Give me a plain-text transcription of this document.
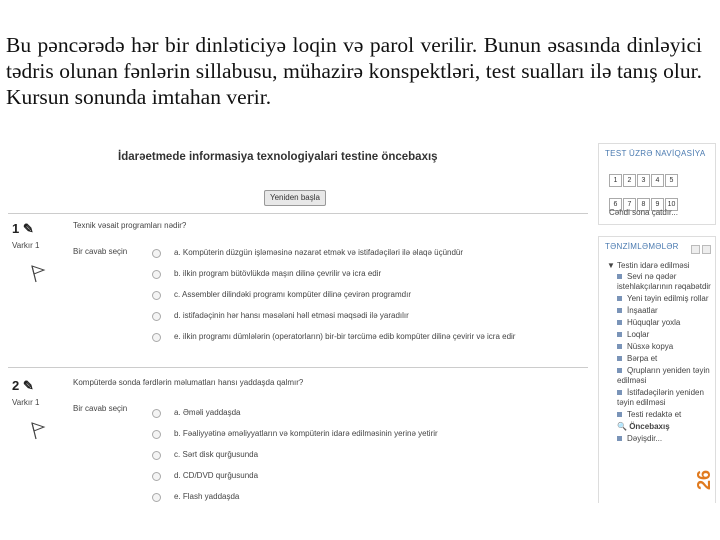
Bu pəncərədə hər bir dinləticiyə loqin və parol verilir. Bunun əsasında dinləyici tədris olunan fənlərin sillabusu, mühazirə konspektləri, test sualları ilə tanış olur. Kursun sonunda imtahan verir.
İdarəetmede informasiya texnologiyalari testine öncebaxış
Yeniden başla
1 ✎
Varkır 1
Texnik vəsait programları nədir?
Bir cavab seçin	a. Kompüterin düzgün işləməsinə nəzarət etmək və istifadəçiləri ilə əlaqə üçündür
b. ilkin program bütövlükdə maşın dilinə çevrilir və icra edir
c. Assembler dilindəki programı kompüter dilinə çevirən programdır
d. istifadəçinin hər hansı məsələni həll etməsi məqsədi ilə yaradılır
e. ilkin programı dümlələrin (operatorların) bir-bir tərcümə edib kompüter dilinə çevirir və icra edir
2 ✎
Varkır 1
Kompüterdə sonda fərdlərin məlumatları hansı yaddaşda qalmır?
Bir cavab seçin	a. Əməli yaddaşda
b. Fəaliyyətinə əməliyyatların və kompüterin idarə edilməsinin yerinə yetirir
c. Sərt disk qurğusunda
d. CD/DVD qurğusunda
e. Flash yaddaşda
TEST ÜZRƏ NAVİQASİYA
1 2 3 4 5
6 7 8 9 10
Cəhdi sona çatdır...
TƏNZİMLƏMƏLƏR
▼ Testin idarə edilməsi
Sevi nə qədər istehlakçılarının rəqabətdir
Yeni təyin edilmiş rollar
İnşaatlar
Hüquqlar yoxla
Loqlar
Nüsxə kopya
Bərpa et
Qrupların yeniden təyin edilməsi
İstifadəçilərin yeniden təyin edilməsi
Testi redaktə et
🔍 Öncebaxış
Dəyişdir...
26
